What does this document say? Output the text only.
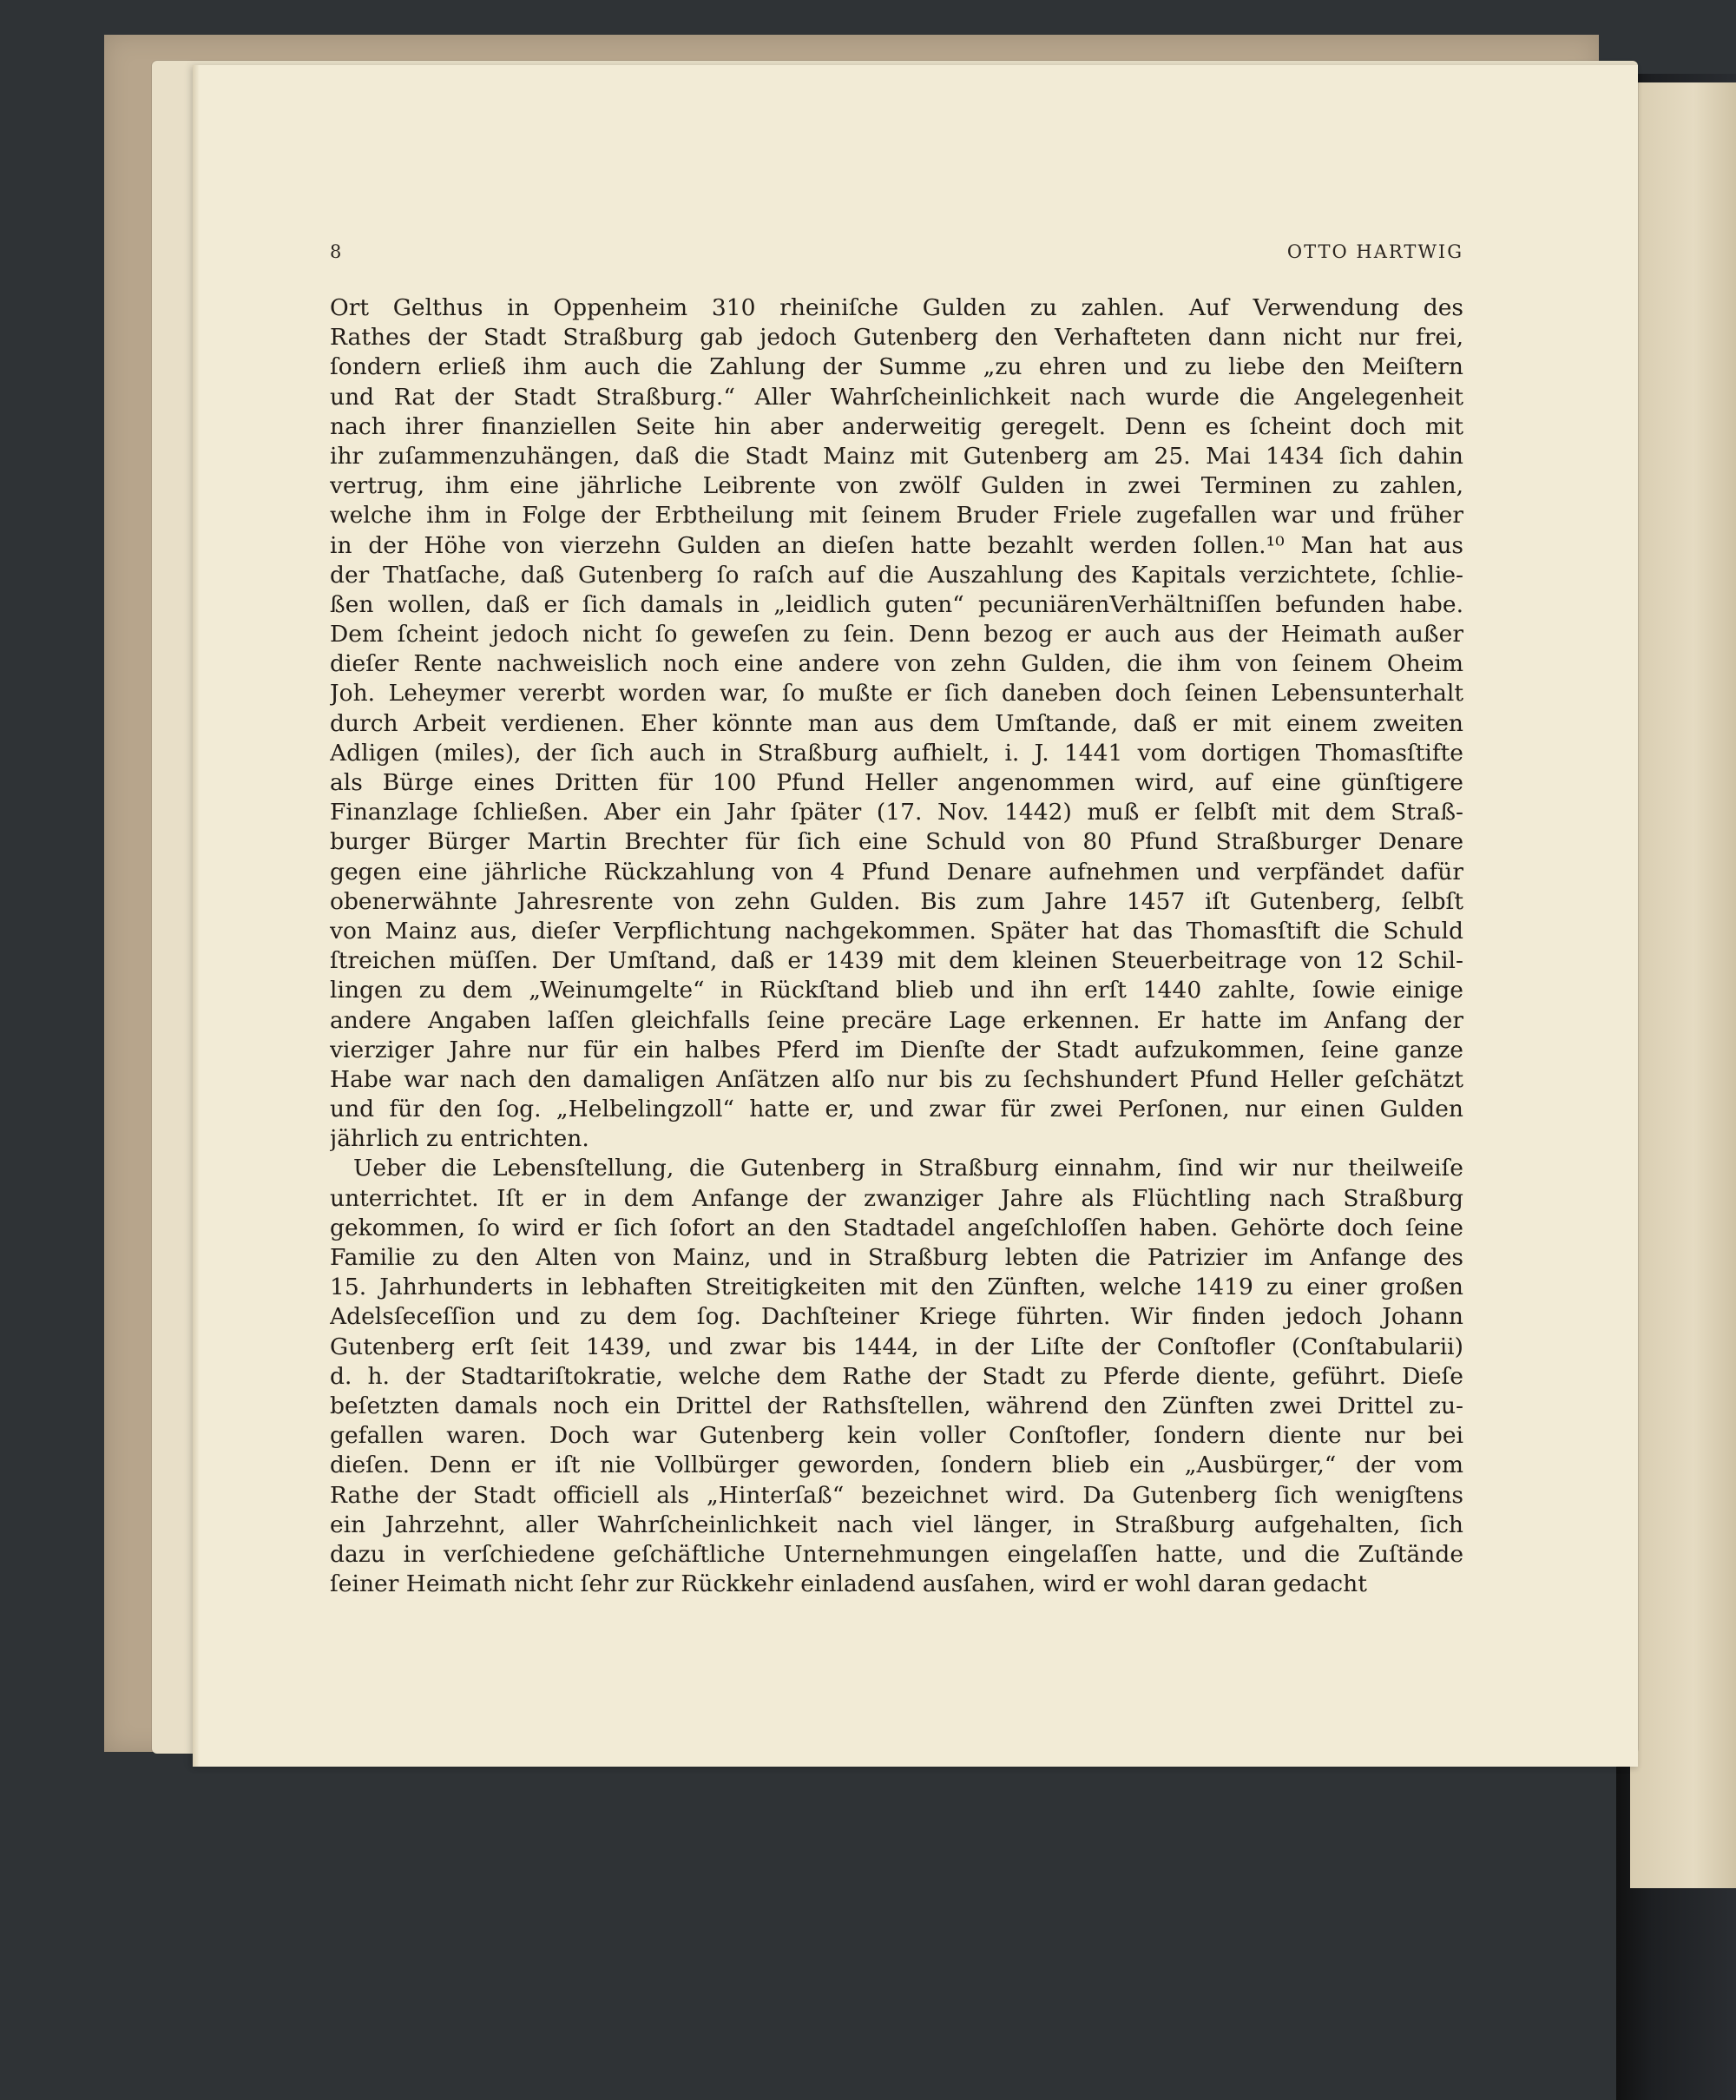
8	OTTO HARTWIG
Ort Gelthus in Oppenheim 310 rheiniſche Gulden zu zahlen. Auf Verwendung des
Rathes der Stadt Straßburg gab jedoch Gutenberg den Verhafteten dann nicht nur frei,
ſondern erließ ihm auch die Zahlung der Summe „zu ehren und zu liebe den Meiſtern
und Rat der Stadt Straßburg.“ Aller Wahrſcheinlichkeit nach wurde die Angelegenheit
nach ihrer finanziellen Seite hin aber anderweitig geregelt. Denn es ſcheint doch mit
ihr zuſammenzuhängen, daß die Stadt Mainz mit Gutenberg am 25. Mai 1434 ſich dahin
vertrug, ihm eine jährliche Leibrente von zwölf Gulden in zwei Terminen zu zahlen,
welche ihm in Folge der Erbtheilung mit ſeinem Bruder Friele zugefallen war und früher
in der Höhe von vierzehn Gulden an dieſen hatte bezahlt werden ſollen.¹⁰ Man hat aus
der Thatſache, daß Gutenberg ſo raſch auf die Auszahlung des Kapitals verzichtete, ſchlie-
ßen wollen, daß er ſich damals in „leidlich guten“ pecuniärenVerhältniſſen befunden habe.
Dem ſcheint jedoch nicht ſo geweſen zu ſein. Denn bezog er auch aus der Heimath außer
dieſer Rente nachweislich noch eine andere von zehn Gulden, die ihm von ſeinem Oheim
Joh. Leheymer vererbt worden war, ſo mußte er ſich daneben doch ſeinen Lebensunterhalt
durch Arbeit verdienen. Eher könnte man aus dem Umſtande, daß er mit einem zweiten
Adligen (miles), der ſich auch in Straßburg aufhielt, i. J. 1441 vom dortigen Thomasſtifte
als Bürge eines Dritten für 100 Pfund Heller angenommen wird, auf eine günſtigere
Finanzlage ſchließen. Aber ein Jahr ſpäter (17. Nov. 1442) muß er ſelbſt mit dem Straß-
burger Bürger Martin Brechter für ſich eine Schuld von 80 Pfund Straßburger Denare
gegen eine jährliche Rückzahlung von 4 Pfund Denare aufnehmen und verpfändet dafür
obenerwähnte Jahresrente von zehn Gulden. Bis zum Jahre 1457 iſt Gutenberg, ſelbſt
von Mainz aus, dieſer Verpflichtung nachgekommen. Später hat das Thomasſtift die Schuld
ſtreichen müſſen. Der Umſtand, daß er 1439 mit dem kleinen Steuerbeitrage von 12 Schil-
lingen zu dem „Weinumgelte“ in Rückſtand blieb und ihn erſt 1440 zahlte, ſowie einige
andere Angaben laſſen gleichfalls ſeine precäre Lage erkennen. Er hatte im Anfang der
vierziger Jahre nur für ein halbes Pferd im Dienſte der Stadt aufzukommen, ſeine ganze
Habe war nach den damaligen Anſätzen alſo nur bis zu ſechshundert Pfund Heller geſchätzt
und für den ſog. „Helbelingzoll“ hatte er, und zwar für zwei Perſonen, nur einen Gulden
jährlich zu entrichten.
Ueber die Lebensſtellung, die Gutenberg in Straßburg einnahm, ſind wir nur theilweiſe
unterrichtet. Iſt er in dem Anfange der zwanziger Jahre als Flüchtling nach Straßburg
gekommen, ſo wird er ſich ſofort an den Stadtadel angeſchloſſen haben. Gehörte doch ſeine
Familie zu den Alten von Mainz, und in Straßburg lebten die Patrizier im Anfange des
15. Jahrhunderts in lebhaften Streitigkeiten mit den Zünften, welche 1419 zu einer großen
Adelsſeceſſion und zu dem ſog. Dachſteiner Kriege führten. Wir finden jedoch Johann
Gutenberg erſt ſeit 1439, und zwar bis 1444, in der Liſte der Conſtofler (Conſtabularii)
d. h. der Stadtariſtokratie, welche dem Rathe der Stadt zu Pferde diente, geführt. Dieſe
beſetzten damals noch ein Drittel der Rathsſtellen, während den Zünften zwei Drittel zu-
gefallen waren. Doch war Gutenberg kein voller Conſtofler, ſondern diente nur bei
dieſen. Denn er iſt nie Vollbürger geworden, ſondern blieb ein „Ausbürger,“ der vom
Rathe der Stadt officiell als „Hinterſaß“ bezeichnet wird. Da Gutenberg ſich wenigſtens
ein Jahrzehnt, aller Wahrſcheinlichkeit nach viel länger, in Straßburg aufgehalten, ſich
dazu in verſchiedene geſchäftliche Unternehmungen eingelaſſen hatte, und die Zuſtände
ſeiner Heimath nicht ſehr zur Rückkehr einladend ausſahen, wird er wohl daran gedacht
